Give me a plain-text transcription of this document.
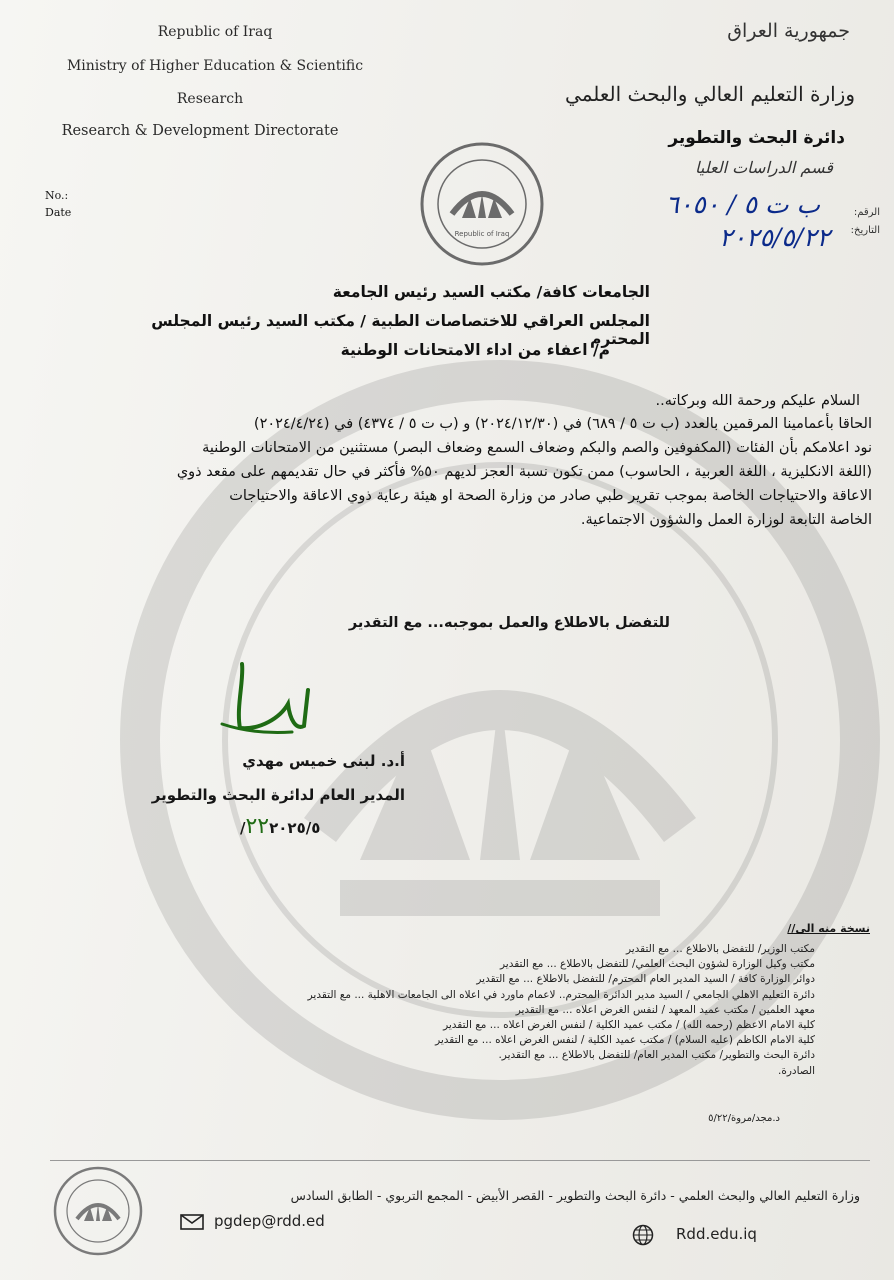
Republic of Iraq
Ministry of Higher Education & Scientific
Research
Research & Development Directorate
No.:
Date
Republic of Iraq
جمهورية العراق
وزارة التعليم العالي والبحث العلمي
دائرة البحث والتطوير
قسم الدراسات العليا
الرقم:
التاريخ:
ب ت ٥ / ٦٠٥٠
٢٠٢٥/٥/٢٢
الجامعات كافة/ مكتب السيد رئيس الجامعة
المجلس العراقي للاختصاصات الطبية / مكتب السيد رئيس المجلس المحترم
م/ اعفاء من اداء الامتحانات الوطنية
السلام عليكم ورحمة الله وبركاته..
الحاقا بأعمامينا المرقمين بالعدد (ب ت ٥ / ٦٨٩) في (٢٠٢٤/١٢/٣٠) و (ب ت ٥ / ٤٣٧٤) في (٢٠٢٤/٤/٢٤)
نود اعلامكم بأن الفئات (المكفوفين والصم والبكم وضعاف السمع وضعاف البصر) مستثنين من الامتحانات الوطنية
(اللغة الانكليزية ، اللغة العربية ، الحاسوب) ممن تكون نسبة العجز لديهم ٥٠% فأكثر في حال تقديمهم على مقعد ذوي
الاعاقة والاحتياجات الخاصة بموجب تقرير طبي صادر من وزارة الصحة او هيئة رعاية ذوي الاعاقة والاحتياجات
الخاصة التابعة لوزارة العمل والشؤون الاجتماعية.
للتفضل بالاطلاع والعمل بموجبه... مع التقدير
أ.د. لبنى خميس مهدي
المدير العام لدائرة البحث والتطوير
٢٢٢٠٢٥/٥/
نسخة منه الى//
مكتب الوزير/ للتفضل بالاطلاع ... مع التقدير
مكتب وكيل الوزارة لشؤون البحث العلمي/ للتفضل بالاطلاع ... مع التقدير
دوائر الوزارة كافة / السيد المدير العام المحترم/ للتفضل بالاطلاع ... مع التقدير
دائرة التعليم الاهلي الجامعي / السيد مدير الدائرة المحترم.. لاعمام ماورد في اعلاه الى الجامعات الاهلية ... مع التقدير
معهد العلمين / مكتب عميد المعهد / لنفس الغرض اعلاه ... مع التقدير
كلية الامام الاعظم (رحمه الله) / مكتب عميد الكلية / لنفس الغرض اعلاه ... مع التقدير
كلية الامام الكاظم (عليه السلام) / مكتب عميد الكلية / لنفس الغرض اعلاه ... مع التقدير
دائرة البحث والتطوير/ مكتب المدير العام/ للتفضل بالاطلاع ... مع التقدير.
الصادرة.
د.مجد/مروة/٥/٢٢
وزارة التعليم العالي والبحث العلمي - دائرة البحث والتطوير - القصر الأبيض - المجمع التربوي - الطابق السادس
pgdep@rdd.ed
Rdd.edu.iq
